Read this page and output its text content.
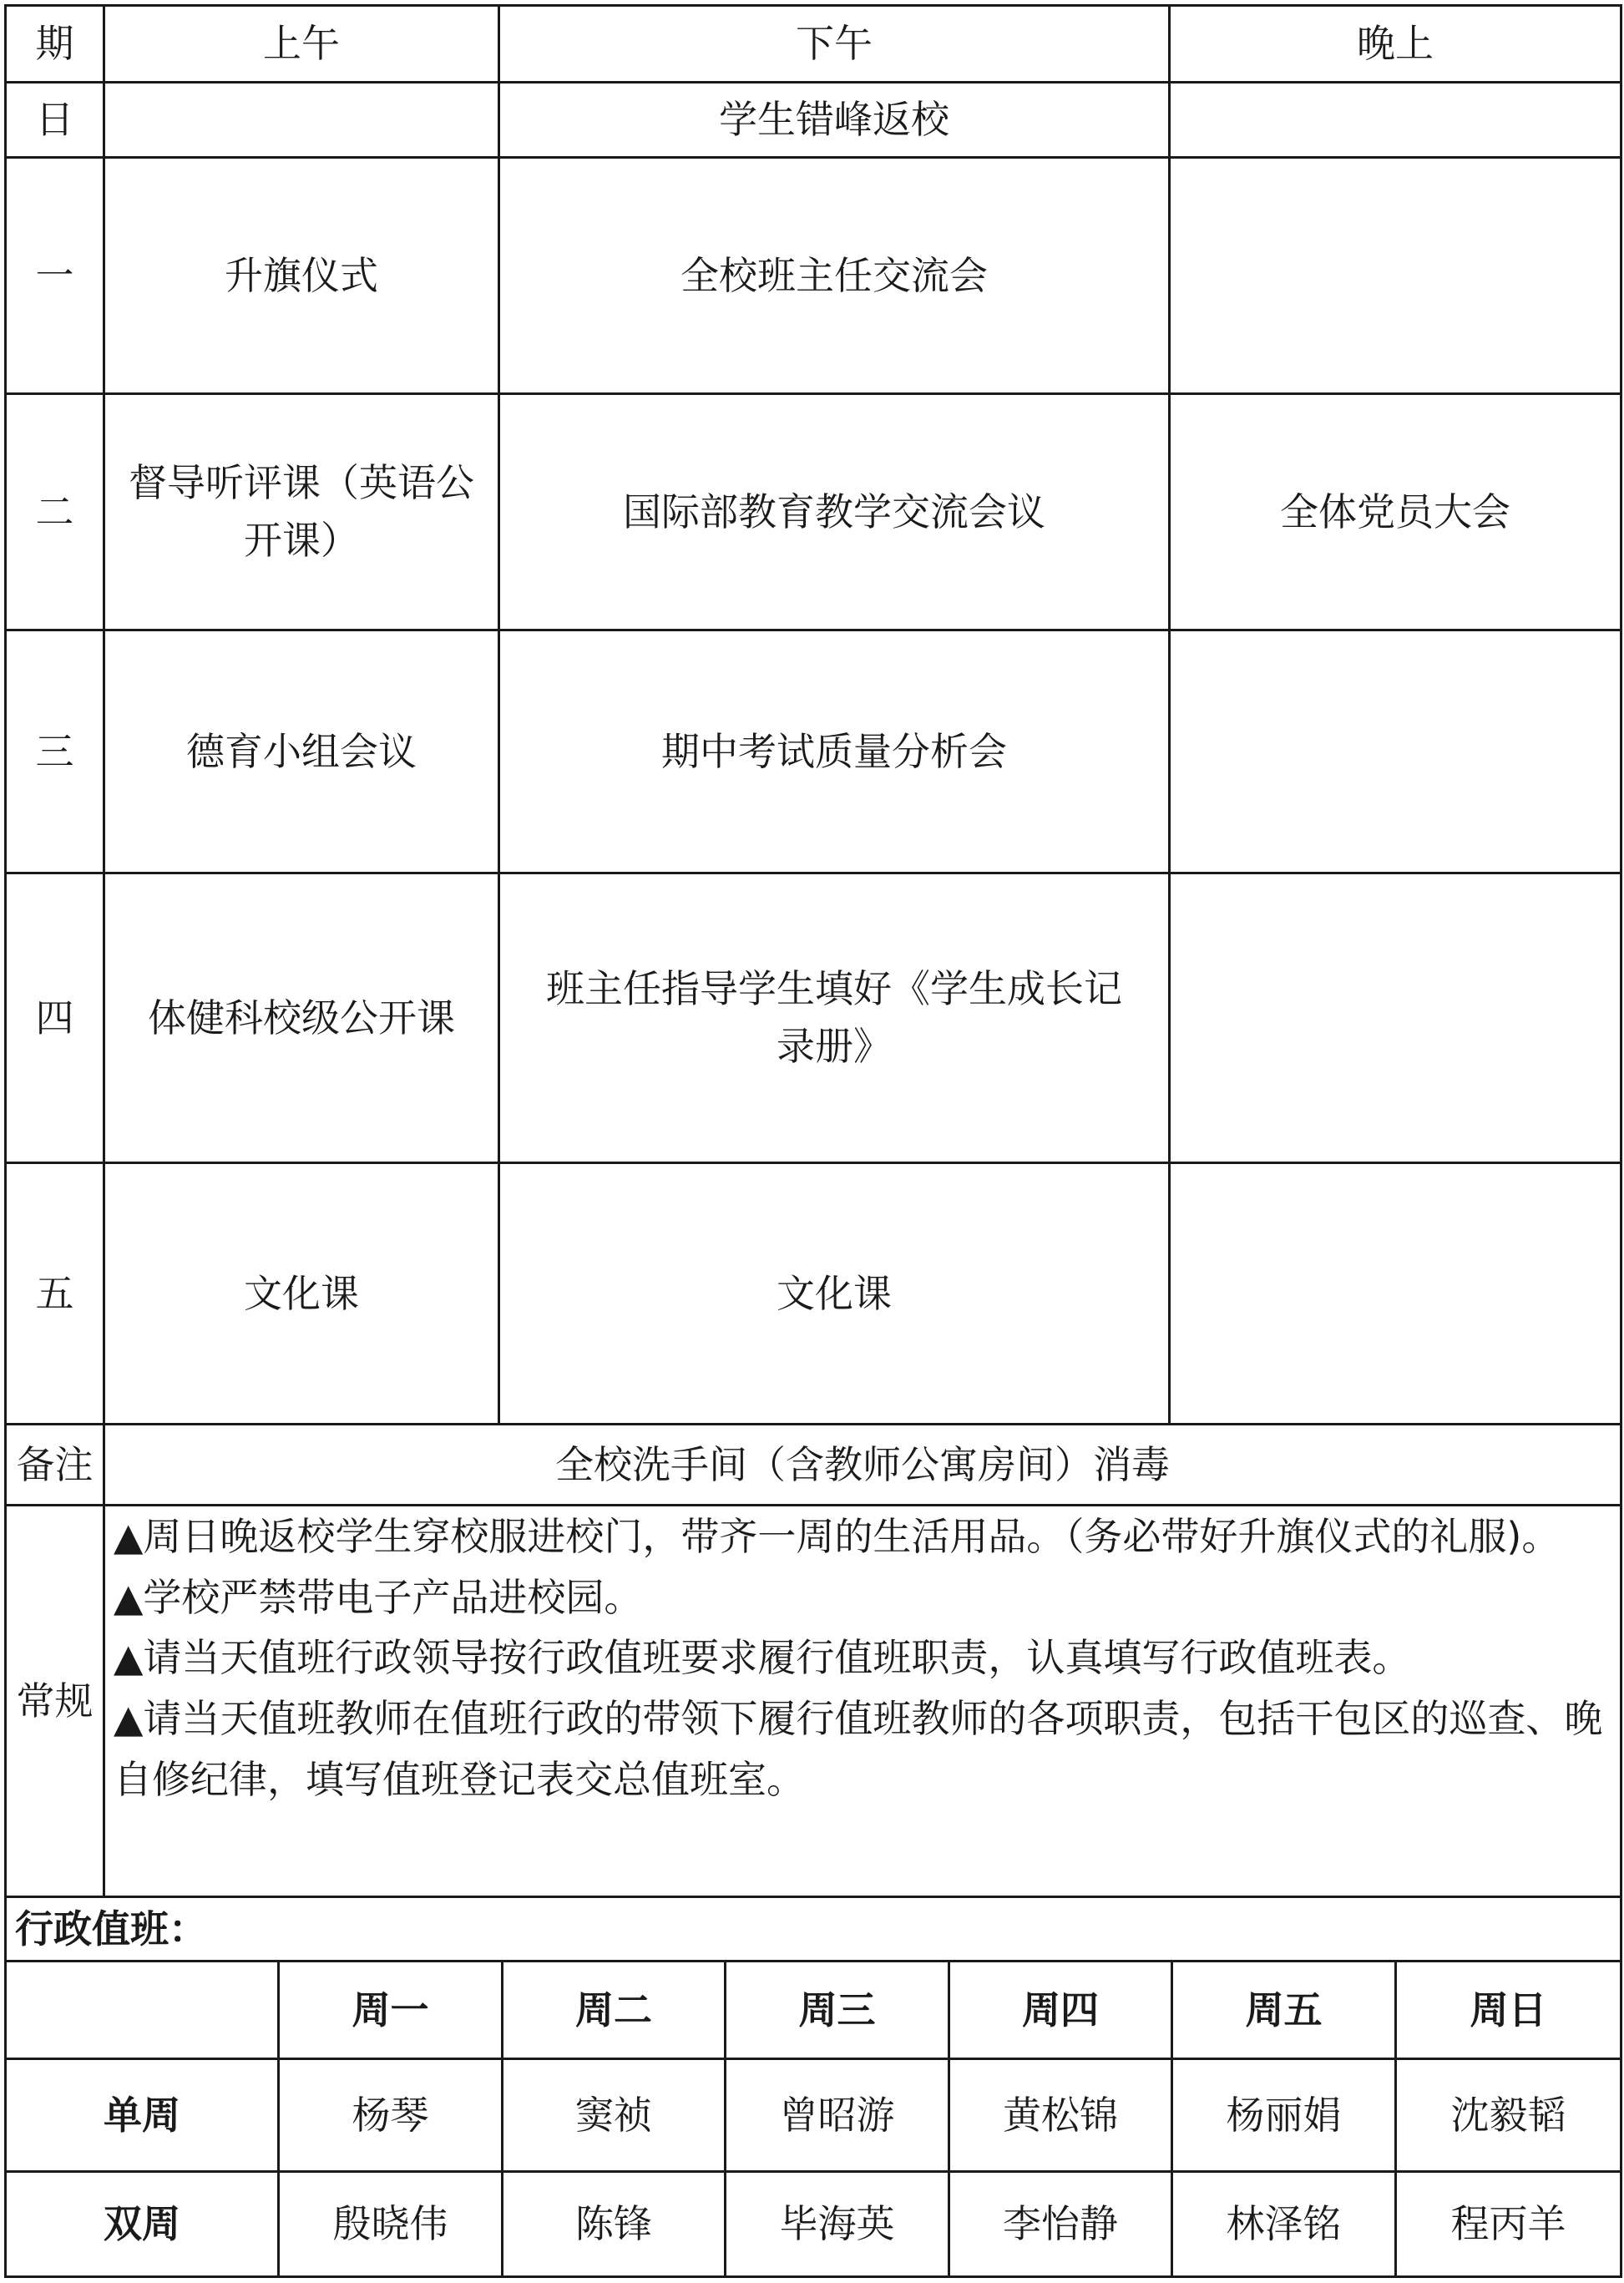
期	上午	下午	晚上
日		学生错峰返校	
一	升旗仪式	全校班主任交流会	
二	督导听评课（英语公开课）	国际部教育教学交流会议	全体党员大会
三	德育小组会议	期中考试质量分析会	
四	体健科校级公开课	班主任指导学生填好《学生成长记录册》	
五	文化课	文化课	
备注	全校洗手间（含教师公寓房间）消毒		
常规	▲周日晚返校学生穿校服进校门，带齐一周的生活用品。（务必带好升旗仪式的礼服)。

▲学校严禁带电子产品进校园。

▲请当天值班行政领导按行政值班要求履行值班职责，认真填写行政值班表。

▲请当天值班教师在值班行政的带领下履行值班教师的各项职责，包括干包区的巡查、晚自修纪律，填写值班登记表交总值班室。		

行政值班：						
	周一	周二	周三	周四	周五	周日
单周	杨琴	窦祯	曾昭游	黄松锦	杨丽娟	沈毅韬
双周	殷晓伟	陈锋	毕海英	李怡静	林泽铭	程丙羊
